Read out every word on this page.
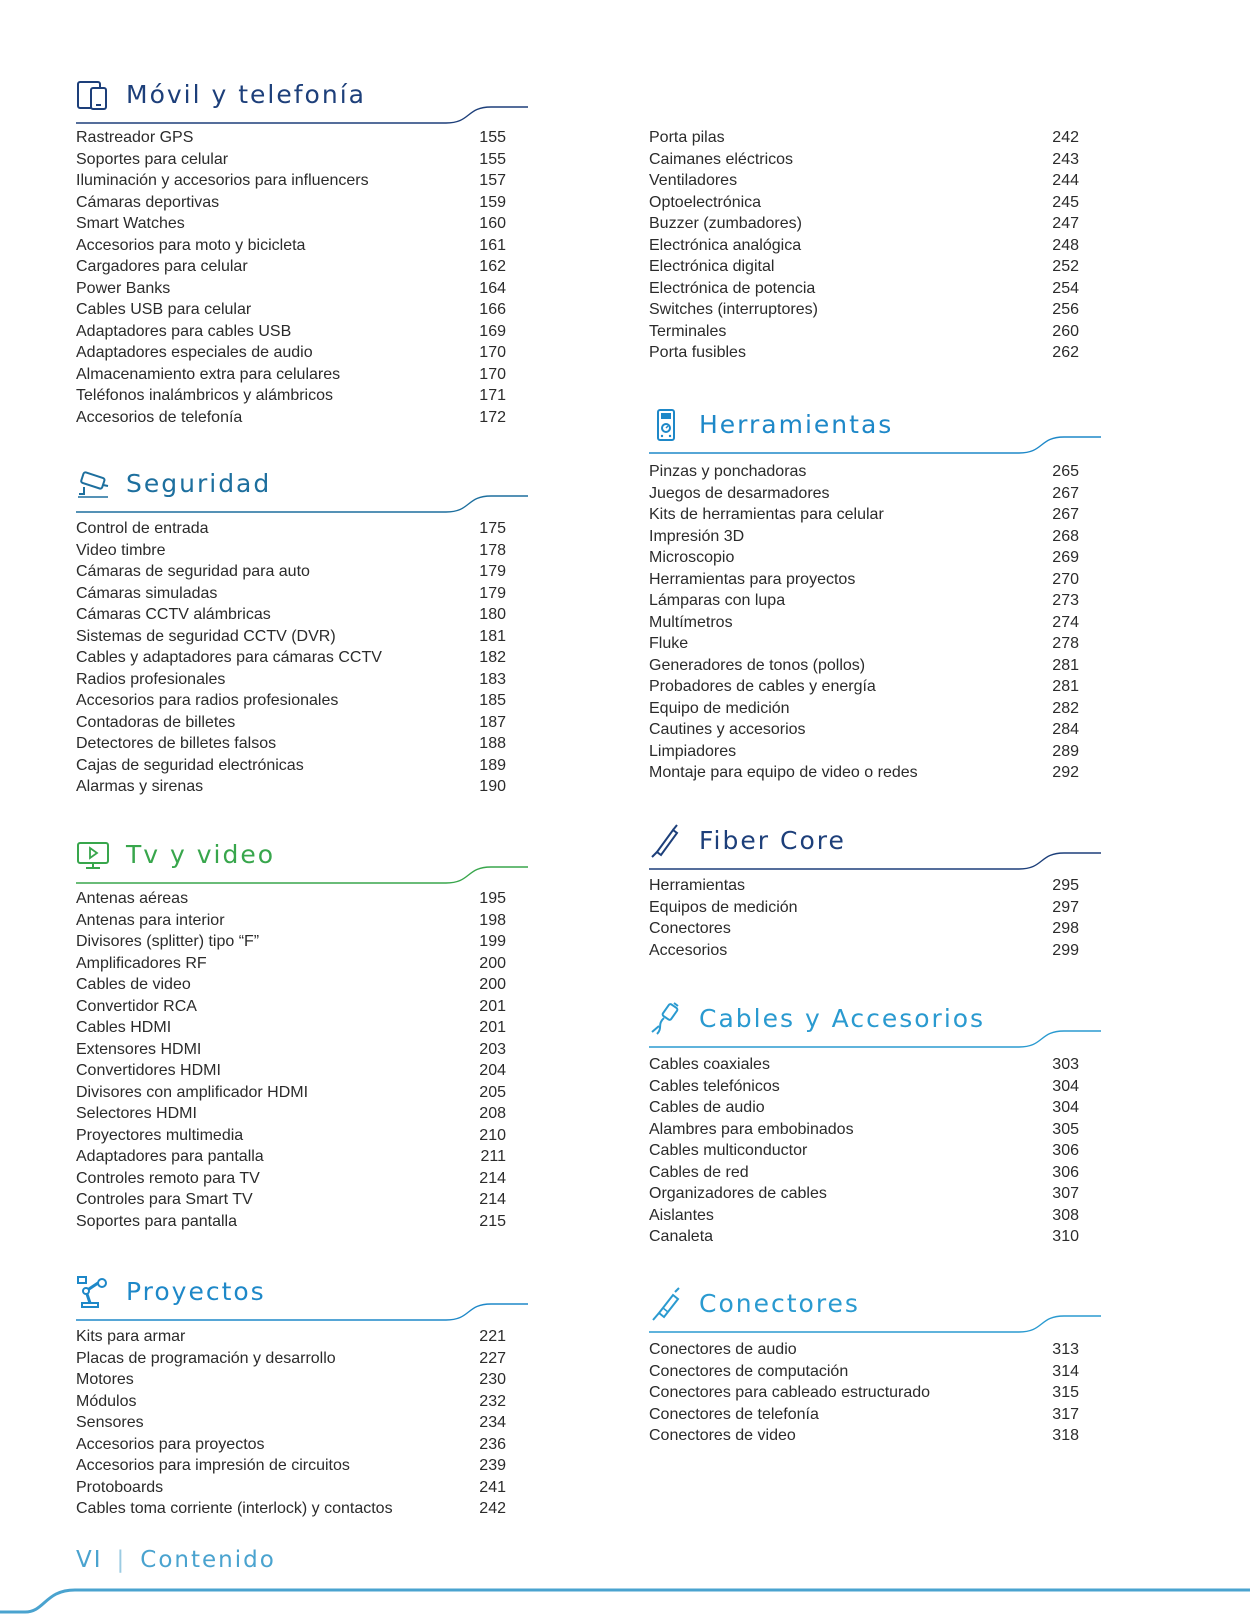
Móvil y telefonía
Rastreador GPS	155
Soportes para celular	155
Iluminación y accesorios para influencers	157
Cámaras deportivas	159
Smart Watches	160
Accesorios para moto y bicicleta	161
Cargadores para celular	162
Power Banks	164
Cables USB para celular	166
Adaptadores para cables USB	169
Adaptadores especiales de audio	170
Almacenamiento extra para celulares	170
Teléfonos inalámbricos y alámbricos	171
Accesorios de telefonía	172
Seguridad
Control de entrada	175
Video timbre	178
Cámaras de seguridad para auto	179
Cámaras simuladas	179
Cámaras CCTV alámbricas	180
Sistemas de seguridad CCTV (DVR)	181
Cables y adaptadores para cámaras CCTV	182
Radios profesionales	183
Accesorios para radios profesionales	185
Contadoras de billetes	187
Detectores de billetes falsos	188
Cajas de seguridad electrónicas	189
Alarmas y sirenas	190
Tv y video
Antenas aéreas	195
Antenas para interior	198
Divisores (splitter) tipo “F”	199
Amplificadores RF	200
Cables de video	200
Convertidor RCA	201
Cables HDMI	201
Extensores HDMI	203
Convertidores HDMI	204
Divisores con amplificador HDMI	205
Selectores HDMI	208
Proyectores multimedia	210
Adaptadores para pantalla	211
Controles remoto para TV	214
Controles para Smart TV	214
Soportes para pantalla	215
Proyectos
Kits para armar	221
Placas de programación y desarrollo	227
Motores	230
Módulos	232
Sensores	234
Accesorios para proyectos	236
Accesorios para impresión de circuitos	239
Protoboards	241
Cables toma corriente (interlock) y contactos	242
Porta pilas	242
Caimanes eléctricos	243
Ventiladores	244
Optoelectrónica	245
Buzzer (zumbadores)	247
Electrónica analógica	248
Electrónica digital	252
Electrónica de potencia	254
Switches (interruptores)	256
Terminales	260
Porta fusibles	262
Herramientas
Pinzas y ponchadoras	265
Juegos de desarmadores	267
Kits de herramientas para celular	267
Impresión 3D	268
Microscopio	269
Herramientas para proyectos	270
Lámparas con lupa	273
Multímetros	274
Fluke	278
Generadores de tonos (pollos)	281
Probadores de cables y energía	281
Equipo de medición	282
Cautines y accesorios	284
Limpiadores	289
Montaje para equipo de video o redes	292
Fiber Core
Herramientas	295
Equipos de medición	297
Conectores	298
Accesorios	299
Cables y Accesorios
Cables coaxiales	303
Cables telefónicos	304
Cables de audio	304
Alambres para embobinados	305
Cables multiconductor	306
Cables de red	306
Organizadores de cables	307
Aislantes	308
Canaleta	310
Conectores
Conectores de audio	313
Conectores de computación	314
Conectores para cableado estructurado	315
Conectores de telefonía	317
Conectores de video	318
VI | Contenido
